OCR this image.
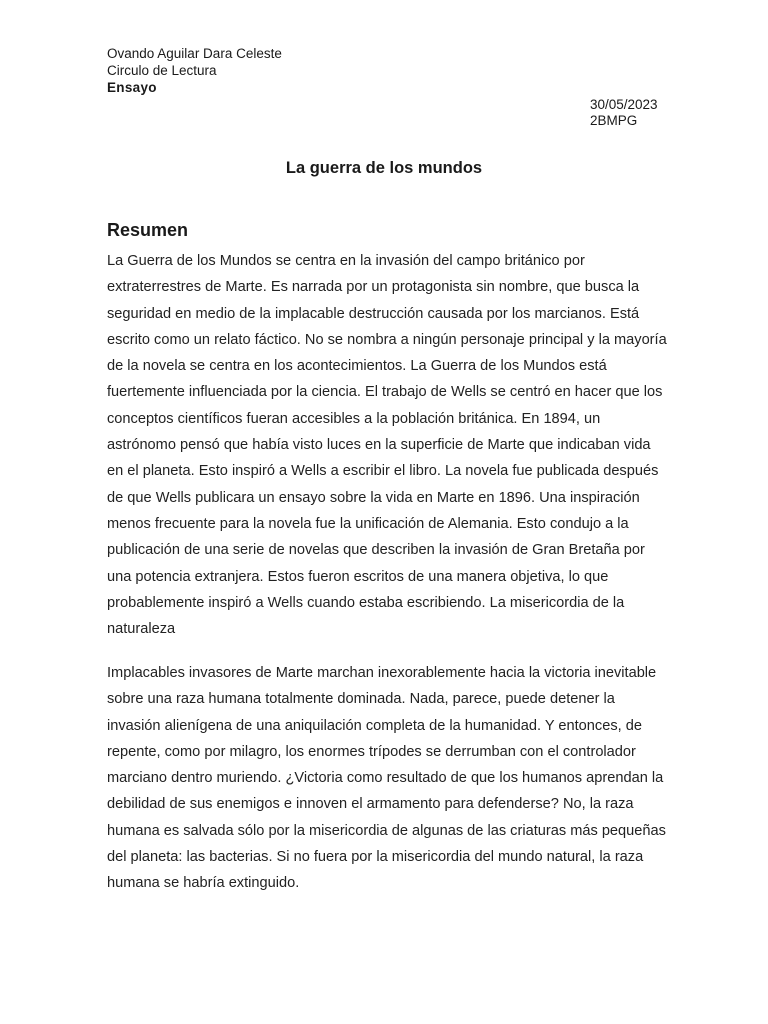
Ovando Aguilar Dara Celeste
Circulo de Lectura
Ensayo
30/05/2023
2BMPG
La guerra de los mundos
Resumen

La Guerra de los Mundos se centra en la invasión del campo británico por extraterrestres de Marte. Es narrada por un protagonista sin nombre, que busca la seguridad en medio de la implacable destrucción causada por los marcianos. Está escrito como un relato fáctico. No se nombra a ningún personaje principal y la mayoría de la novela se centra en los acontecimientos. La Guerra de los Mundos está fuertemente influenciada por la ciencia. El trabajo de Wells se centró en hacer que los conceptos científicos fueran accesibles a la población británica. En 1894, un astrónomo pensó que había visto luces en la superficie de Marte que indicaban vida en el planeta. Esto inspiró a Wells a escribir el libro. La novela fue publicada después de que Wells publicara un ensayo sobre la vida en Marte en 1896. Una inspiración menos frecuente para la novela fue la unificación de Alemania. Esto condujo a la publicación de una serie de novelas que describen la invasión de Gran Bretaña por una potencia extranjera. Estos fueron escritos de una manera objetiva, lo que probablemente inspiró a Wells cuando estaba escribiendo. La misericordia de la naturaleza

Implacables invasores de Marte marchan inexorablemente hacia la victoria inevitable sobre una raza humana totalmente dominada. Nada, parece, puede detener la invasión alienígena de una aniquilación completa de la humanidad. Y entonces, de repente, como por milagro, los enormes trípodes se derrumban con el controlador marciano dentro muriendo. ¿Victoria como resultado de que los humanos aprendan la debilidad de sus enemigos e innoven el armamento para defenderse? No, la raza humana es salvada sólo por la misericordia de algunas de las criaturas más pequeñas del planeta: las bacterias. Si no fuera por la misericordia del mundo natural, la raza humana se habría extinguido.
